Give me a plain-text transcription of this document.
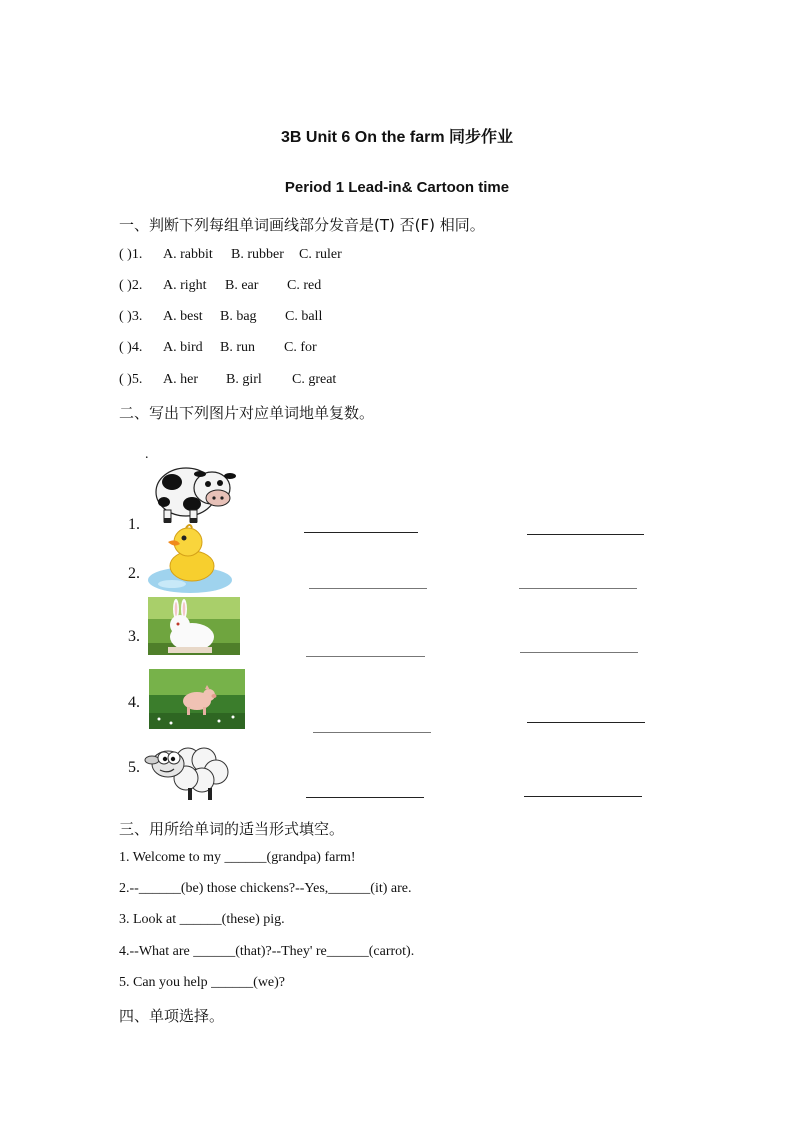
3B Unit 6 On the farm 同步作业
Period 1 Lead-in& Cartoon time
一、判断下列每组单词画线部分发音是(T) 否(F) 相同。
( )1. A. rabbit B. rubber C. ruler
( )2. A. right B. ear C. red
( )3. A. best B. bag C. ball
( )4. A. bird B. run C. for
( )5. A. her B. girl C. great
二、写出下列图片对应单词地单复数。
.
1.
2.
3.
4.
5.
三、用所给单词的适当形式填空。
1. Welcome to my ______(grandpa) farm!
2.--______(be) those chickens?--Yes,______(it) are.
3. Look at ______(these) pig.
4.--What are ______(that)?--They' re______(carrot).
5. Can you help ______(we)?
四、单项选择。
